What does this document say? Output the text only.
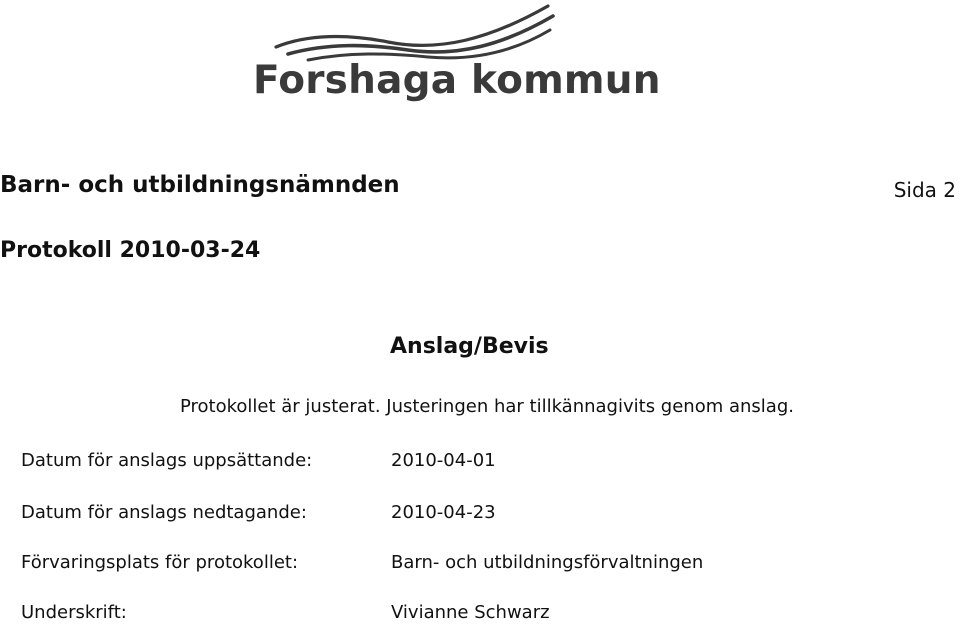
Forshaga kommun
Barn- och utbildningsnämnden	Sida 2
Protokoll 2010-03-24
Anslag/Bevis
Protokollet är justerat. Justeringen har tillkännagivits genom anslag.
Datum för anslags uppsättande:	2010-04-01
Datum för anslags nedtagande:	2010-04-23
Förvaringsplats för protokollet:	Barn- och utbildningsförvaltningen
Underskrift:	Vivianne Schwarz
